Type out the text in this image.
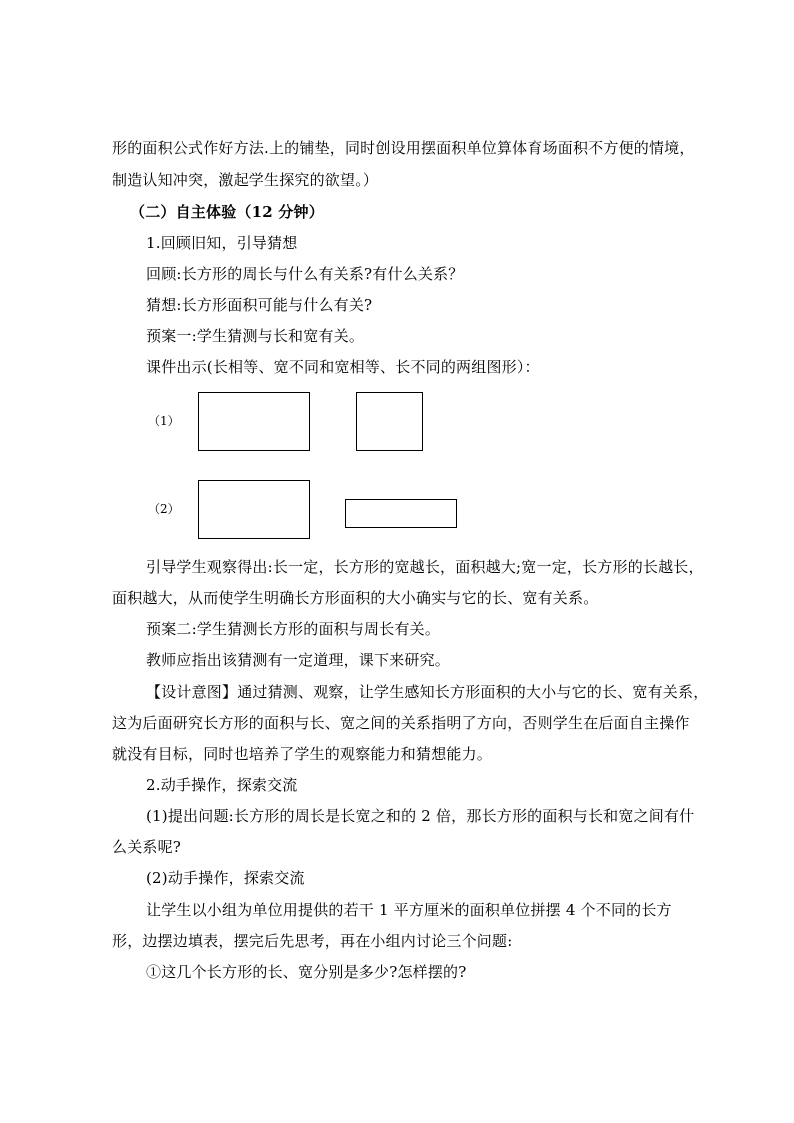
形的面积公式作好方法.上的铺垫，同时创设用摆面积单位算体育场面积不方便的情境，
制造认知冲突，激起学生探究的欲望。）
（二）自主体验（12 分钟）
1.回顾旧知，引导猜想
回顾:长方形的周长与什么有关系?有什么关系？
猜想:长方形面积可能与什么有关?
预案一:学生猜测与长和宽有关。
课件出示(长相等、宽不同和宽相等、长不同的两组图形）：
（1）
（2）
引导学生观察得出:长一定，长方形的宽越长，面积越大;宽一定，长方形的长越长，
面积越大，从而使学生明确长方形面积的大小确实与它的长、宽有关系。
预案二:学生猜测长方形的面积与周长有关。
教师应指出该猜测有一定道理，课下来研究。
【设计意图】通过猜测、观察，让学生感知长方形面积的大小与它的长、宽有关系，
这为后面研究长方形的面积与长、宽之间的关系指明了方向，否则学生在后面自主操作
就没有目标，同时也培养了学生的观察能力和猜想能力。
2.动手操作，探索交流
(1)提出问题:长方形的周长是长宽之和的 2 倍，那长方形的面积与长和宽之间有什
么关系呢?
(2)动手操作，探索交流
让学生以小组为单位用提供的若干 1 平方厘米的面积单位拼摆 4 个不同的长方
形，边摆边填表，摆完后先思考，再在小组内讨论三个问题:
①这几个长方形的长、宽分别是多少?怎样摆的?
